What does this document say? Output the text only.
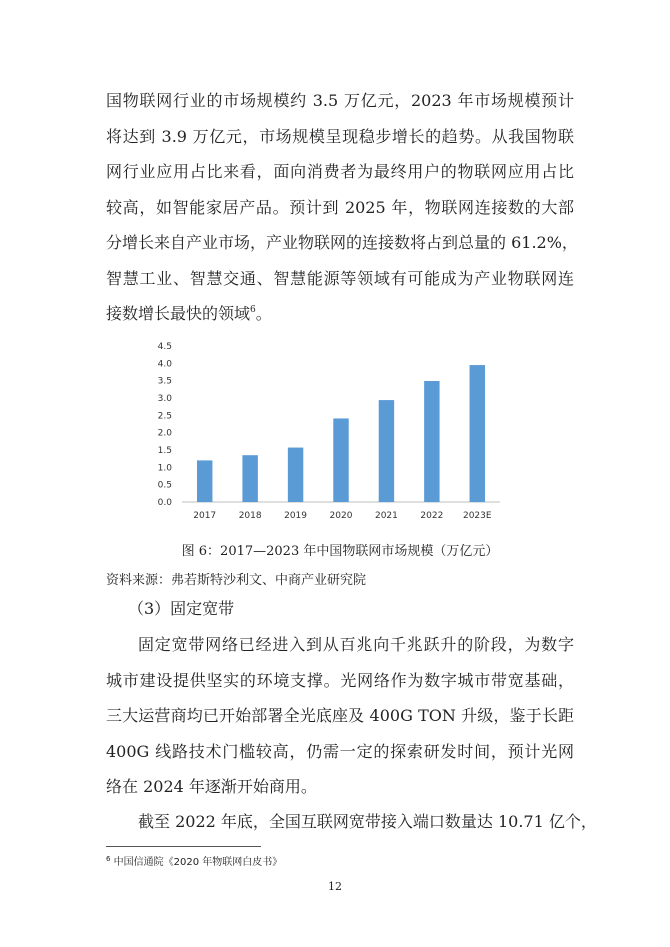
国物联网行业的市场规模约 3.5 万亿元，2023 年市场规模预计
将达到 3.9 万亿元，市场规模呈现稳步增长的趋势。从我国物联
网行业应用占比来看，面向消费者为最终用户的物联网应用占比
较高，如智能家居产品。预计到 2025 年，物联网连接数的大部
分增长来自产业市场，产业物联网的连接数将占到总量的 61.2%，
智慧工业、智慧交通、智慧能源等领域有可能成为产业物联网连
接数增长最快的领域$^6$。
0.0
0.5
1.0
1.5
2.0
2.5
3.0
3.5
4.0
4.5
2017	2018	2019	2020	2021	2022 2023E
图 6：2017—2023 年中国物联网市场规模（万亿元）
资料来源：弗若斯特沙利文、中商产业研究院
（3）固定宽带
固定宽带网络已经进入到从百兆向千兆跃升的阶段，为数字
城市建设提供坚实的环境支撑。光网络作为数字城市带宽基础，
三大运营商均已开始部署全光底座及 400G TON 升级，鉴于长距
400G 线路技术门槛较高，仍需一定的探索研发时间，预计光网
络在 2024 年逐渐开始商用。
截至 2022 年底，全国互联网宽带接入端口数量达 10.71 亿个，
$^6$ 中国信通院《2020 年物联网白皮书》
12
